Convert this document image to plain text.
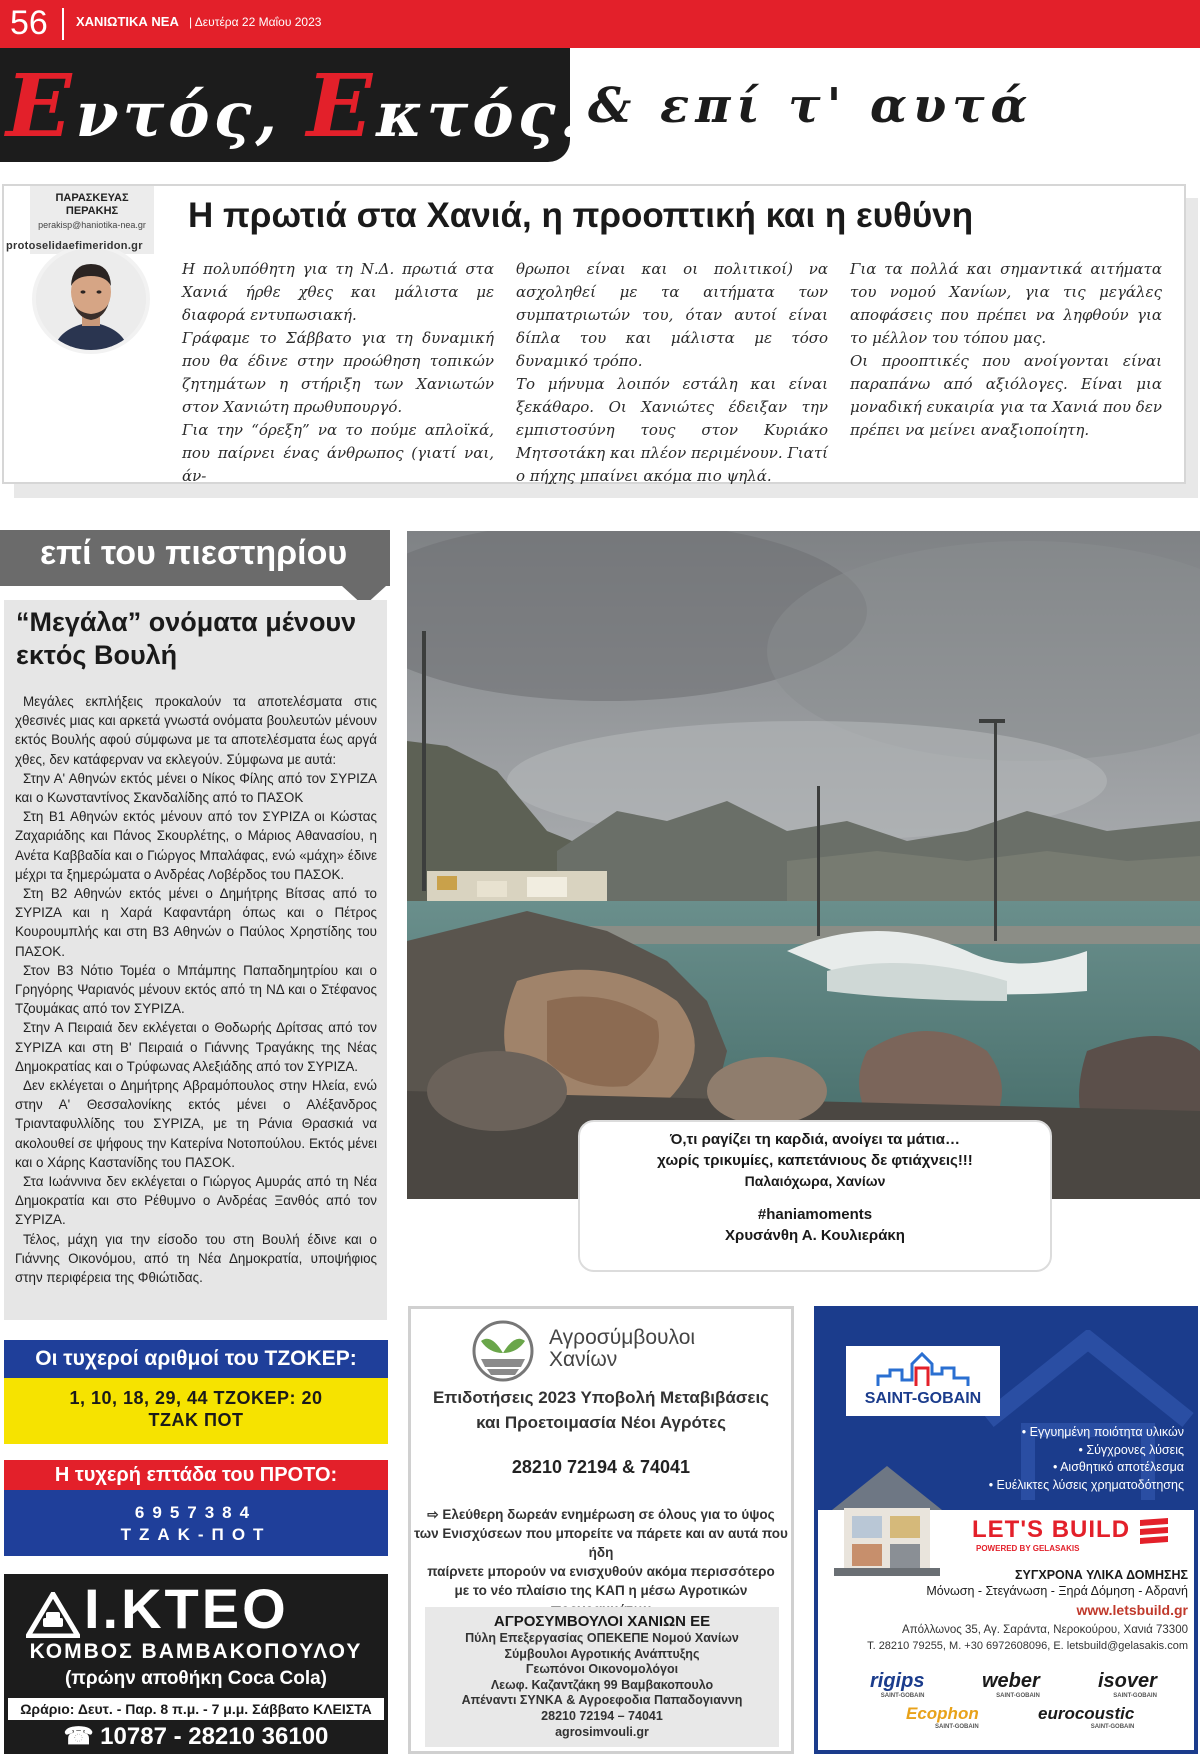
56 ΧΑΝΙΩΤΙΚΑ ΝΕΑ | Δευτέρα 22 Μαΐου 2023
Εντός, Εκτός…
& επί τ' αυτά
ΠΑΡΑΣΚΕΥΑΣ ΠΕΡΑΚΗΣ
perakisp@haniotika-nea.gr
protoselidaefimeridon.gr
Η πρωτιά στα Χανιά, η προοπτική και η ευθύνη

Η πολυπόθητη για τη Ν.Δ. πρωτιά στα Χανιά ήρθε χθες και μάλιστα με διαφορά εντυπωσιακή.

Γράφαμε το Σάββατο για τη δυναμική που θα έδινε στην προώθηση τοπικών ζητημάτων η στήριξη των Χανιωτών στον Χανιώτη πρωθυπουργό.

Για την “όρεξη” να το πούμε απλοϊκά, που παίρνει ένας άνθρωπος (γιατί ναι, άν-

θρωποι είναι και οι πολιτικοί) να ασχοληθεί με τα αιτήματα των συμπατριωτών του, όταν αυτοί είναι δίπλα του και μάλιστα με τόσο δυναμικό τρόπο.

Το μήνυμα λοιπόν εστάλη και είναι ξεκάθαρο. Οι Χανιώτες έδειξαν την εμπιστοσύνη τους στον Κυριάκο Μητσοτάκη και πλέον περιμένουν. Γιατί ο πήχης μπαίνει ακόμα πιο ψηλά.

Για τα πολλά και σημαντικά αιτήματα του νομού Χανίων, για τις μεγάλες αποφάσεις που πρέπει να ληφθούν για το μέλλον του τόπου μας.

Οι προοπτικές που ανοίγονται είναι παραπάνω από αξιόλογες. Είναι μια μοναδική ευκαιρία για τα Χανιά που δεν πρέπει να μείνει αναξιοποίητη.

επί του πιεστηρίου
“Μεγάλα” ονόματα μένουν εκτός Βουλή

Μεγάλες εκπλήξεις προκαλούν τα αποτελέσματα στις χθεσινές μιας και αρκετά γνωστά ονόματα βουλευτών μένουν εκτός Βουλής αφού σύμφωνα με τα αποτελέσματα έως αργά χθες, δεν κατάφερναν να εκλεγούν. Σύμφωνα με αυτά:

Στην Α' Αθηνών εκτός μένει ο Νίκος Φίλης από τον ΣΥΡΙΖΑ και ο Κωνσταντίνος Σκανδαλίδης από το ΠΑΣΟΚ

Στη Β1 Αθηνών εκτός μένουν από τον ΣΥΡΙΖΑ οι Κώστας Ζαχαριάδης και Πάνος Σκουρλέτης, ο Μάριος Αθανασίου, η Ανέτα Καββαδία και ο Γιώργος Μπαλάφας, ενώ «μάχη» έδινε μέχρι τα ξημερώματα ο Ανδρέας Λοβέρδος του ΠΑΣΟΚ.

Στη Β2 Αθηνών εκτός μένει ο Δημήτρης Βίτσας από το ΣΥΡΙΖΑ και η Χαρά Καφαντάρη όπως και ο Πέτρος Κουρουμπλής και στη Β3 Αθηνών ο Παύλος Χρηστίδης του ΠΑΣΟΚ.

Στον Β3 Νότιο Τομέα ο Μπάμπης Παπαδημητρίου και ο Γρηγόρης Ψαριανός μένουν εκτός από τη ΝΔ και ο Στέφανος Τζουμάκας από τον ΣΥΡΙΖΑ.

Στην Α Πειραιά δεν εκλέγεται ο Θοδωρής Δρίτσας από τον ΣΥΡΙΖΑ και στη Β' Πειραιά ο Γιάννης Τραγάκης της Νέας Δημοκρατίας και ο Τρύφωνας Αλεξιάδης από τον ΣΥΡΙΖΑ.

Δεν εκλέγεται ο Δημήτρης Αβραμόπουλος στην Ηλεία, ενώ στην Α' Θεσσαλονίκης εκτός μένει ο Αλέξανδρος Τριανταφυλλίδης του ΣΥΡΙΖΑ, με τη Ράνια Θρασκιά να ακολουθεί σε ψήφους την Κατερίνα Νοτοπούλου. Εκτός μένει και ο Χάρης Καστανίδης του ΠΑΣΟΚ.

Στα Ιωάννινα δεν εκλέγεται ο Γιώργος Αμυράς από τη Νέα Δημοκρατία και στο Ρέθυμνο ο Ανδρέας Ξανθός από τον ΣΥΡΙΖΑ.

Τέλος, μάχη για την είσοδο του στη Βουλή έδινε και ο Γιάννης Οικονόμου, από τη Νέα Δημοκρατία, υποψήφιος στην περιφέρεια της Φθιώτιδας.

Ό,τι ραγίζει τη καρδιά, ανοίγει τα μάτια…
χωρίς τρικυμίες, καπετάνιους δε φτιάχνεις!!!
Παλαιόχωρα, Χανίων
#haniamoments
Χρυσάνθη Α. Κουλιεράκη
Οι τυχεροί αριθμοί του ΤΖΟΚΕΡ:
1, 10, 18, 29, 44 ΤΖΟΚΕΡ: 20
ΤΖΑΚ ΠΟΤ
Η τυχερή επτάδα του ΠΡΟΤΟ:
6957384
ΤΖΑΚ-ΠΟΤ
Ι.ΚΤΕΟ
ΚΟΜΒΟΣ ΒΑΜΒΑΚΟΠΟΥΛΟΥ
(πρώην αποθήκη Coca Cola)
Ωράριο: Δευτ. - Παρ. 8 π.μ. - 7 μ.μ. Σάββατο ΚΛΕΙΣΤΑ
☎ 10787 - 28210 36100
Αγροσύμβουλοι
Χανίων
Επιδοτήσεις 2023 Υποβολή Μεταβιβάσεις
και Προετοιμασία Νέοι Αγρότες
28210 72194 & 74041
⇨ Ελεύθερη δωρεάν ενημέρωση σε όλους για το ύψος
των Ενισχύσεων που μπορείτε να πάρετε και αν αυτά που ήδη
παίρνετε μπορούν να ενισχυθούν ακόμα περισσότερο
με το νέο πλαίσιο της ΚΑΠ η μέσω Αγροτικών
ΑΓΡΟΣΥΜΒΟΥΛΟΙ ΧΑΝΙΩΝ ΕΕ
Πύλη Επεξεργασίας ΟΠΕΚΕΠΕ Νομού Χανίων
Σύμβουλοι Αγροτικής Ανάπτυξης
Γεωπόνοι Οικονομολόγοι
Λεωφ. Καζαντζάκη 99 Βαμβακοπουλο
Απέναντι ΣΥΝΚΑ & Αγροεφοδια Παπαδογιαννη
28210 72194 – 74041
agrosimvouli.gr
SAINT-GOBAIN
• Εγγυημένη ποιότητα υλικών
• Σύγχρονες λύσεις
• Αισθητικό αποτέλεσμα
• Ευέλικτες λύσεις χρηματοδότησης
LET'S BUILD
POWERED BY GELASAKIS
ΣΥΓΧΡΟΝΑ ΥΛΙΚΑ ΔΟΜΗΣΗΣ
Μόνωση - Στεγάνωση - Ξηρά Δόμηση - Αδρανή
www.letsbuild.gr
Απόλλωνος 35, Αγ. Σαράντα, Νεροκούρου, Χανιά 73300
T. 28210 79255, M. +30 6972608096, E. letsbuild@gelasakis.com
rigips
SAINT-GOBAIN
weber
SAINT-GOBAIN
isover
SAINT-GOBAIN
Ecophon
SAINT-GOBAIN
eurocoustic
SAINT-GOBAIN
